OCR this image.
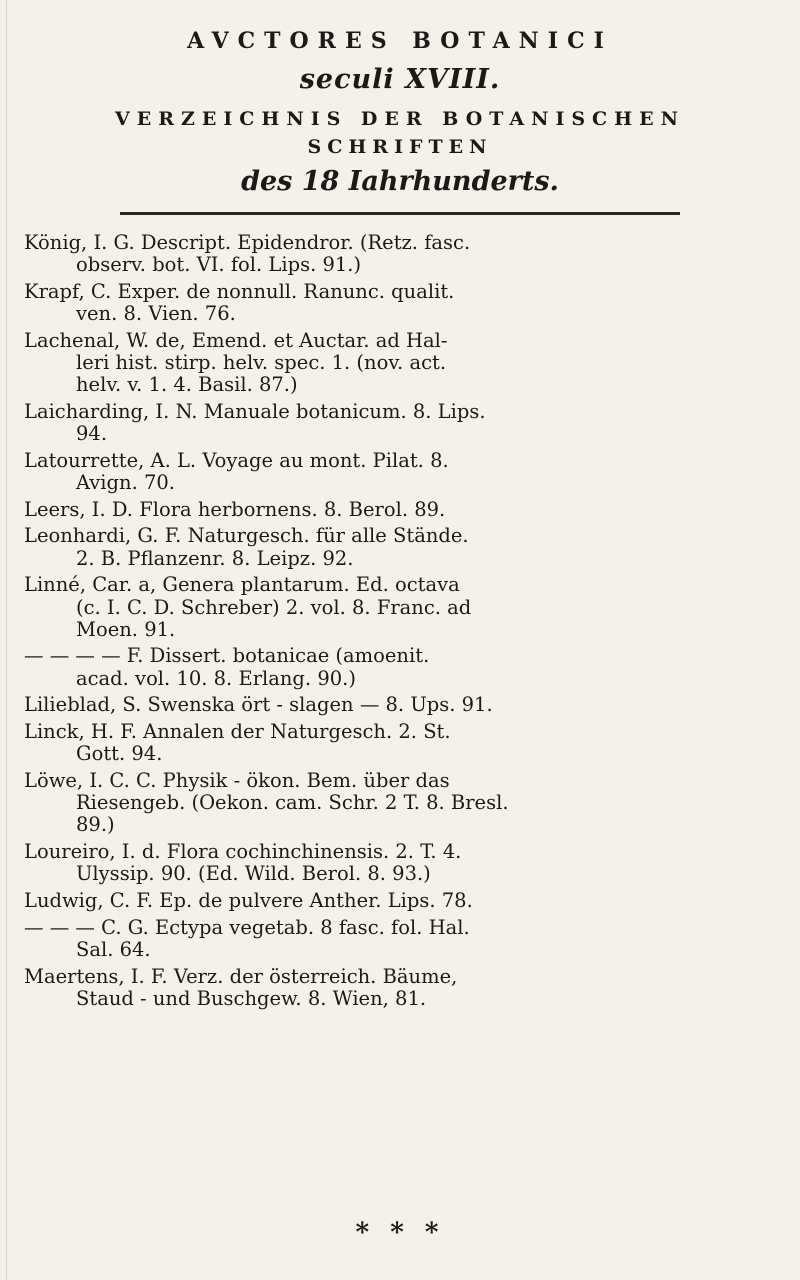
AVCTORES BOTANICI
seculi XVIII.
VERZEICHNIS DER BOTANISCHEN
SCHRIFTEN
des 18 Iahrhunderts.
König, I. G. Descript. Epidendror. (Retz. fasc.
observ. bot. VI. fol. Lips. 91.)
Krapf, C. Exper. de nonnull. Ranunc. qualit.
ven. 8. Vien. 76.
Lachenal, W. de, Emend. et Auctar. ad Hal-
leri hist. stirp. helv. spec. 1. (nov. act.
helv. v. 1. 4. Basil. 87.)
Laicharding, I. N. Manuale botanicum. 8. Lips.
94.
Latourrette, A. L. Voyage au mont. Pilat. 8.
Avign. 70.
Leers, I. D. Flora herbornens. 8. Berol. 89.
Leonhardi, G. F. Naturgesch. für alle Stände.
2. B. Pflanzenr. 8. Leipz. 92.
Linné, Car. a, Genera plantarum. Ed. octava
(c. I. C. D. Schreber) 2. vol. 8. Franc. ad
Moen. 91.
— — — — F. Dissert. botanicae (amoenit.
acad. vol. 10. 8. Erlang. 90.)
Lilieblad, S. Swenska ört - slagen — 8. Ups. 91.
Linck, H. F. Annalen der Naturgesch. 2. St.
Gott. 94.
Löwe, I. C. C. Physik - ökon. Bem. über das
Riesengeb. (Oekon. cam. Schr. 2 T. 8. Bresl.
89.)
Loureiro, I. d. Flora cochinchinensis. 2. T. 4.
Ulyssip. 90. (Ed. Wild. Berol. 8. 93.)
Ludwig, C. F. Ep. de pulvere Anther. Lips. 78.
— — — C. G. Ectypa vegetab. 8 fasc. fol. Hal.
Sal. 64.
Maertens, I. F. Verz. der österreich. Bäume,
Staud - und Buschgew. 8. Wien, 81.
* * *
